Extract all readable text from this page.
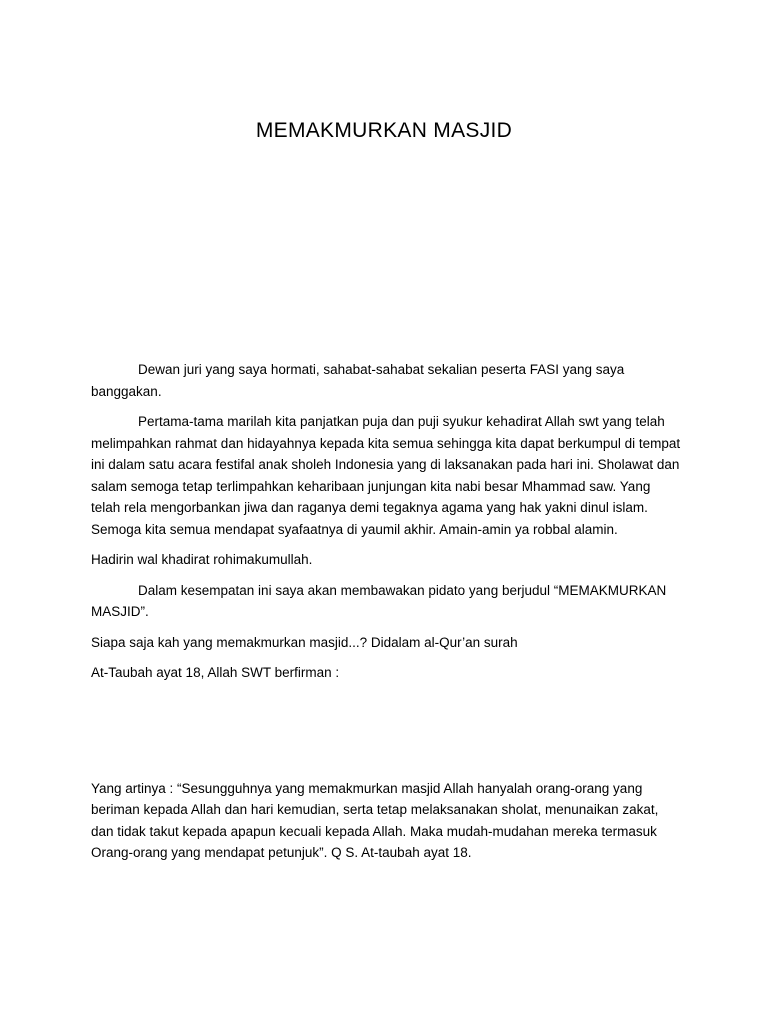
MEMAKMURKAN MASJID

Dewan juri yang saya hormati, sahabat-sahabat sekalian peserta FASI yang saya banggakan.

Pertama-tama marilah kita panjatkan puja dan puji syukur kehadirat Allah swt yang telah melimpahkan rahmat dan hidayahnya kepada kita semua sehingga kita dapat berkumpul di tempat ini dalam satu acara festifal anak sholeh Indonesia yang di laksanakan pada hari ini. Sholawat dan salam semoga tetap terlimpahkan keharibaan junjungan kita nabi besar Mhammad saw. Yang telah rela mengorbankan jiwa dan raganya demi tegaknya agama yang hak yakni dinul islam. Semoga kita semua mendapat syafaatnya di yaumil akhir. Amain-amin ya robbal alamin.

Hadirin wal khadirat rohimakumullah.

Dalam kesempatan ini saya akan membawakan pidato yang berjudul “MEMAKMURKAN MASJID”.

Siapa saja kah yang memakmurkan masjid...? Didalam al-Qur’an surah

At-Taubah ayat 18, Allah SWT berfirman :

Yang artinya : “Sesungguhnya yang memakmurkan masjid Allah hanyalah orang-orang yang beriman kepada Allah dan hari kemudian, serta tetap melaksanakan sholat, menunaikan zakat, dan tidak takut kepada apapun kecuali kepada Allah. Maka mudah-mudahan mereka termasuk Orang-orang yang mendapat petunjuk”. Q S. At-taubah ayat 18.
